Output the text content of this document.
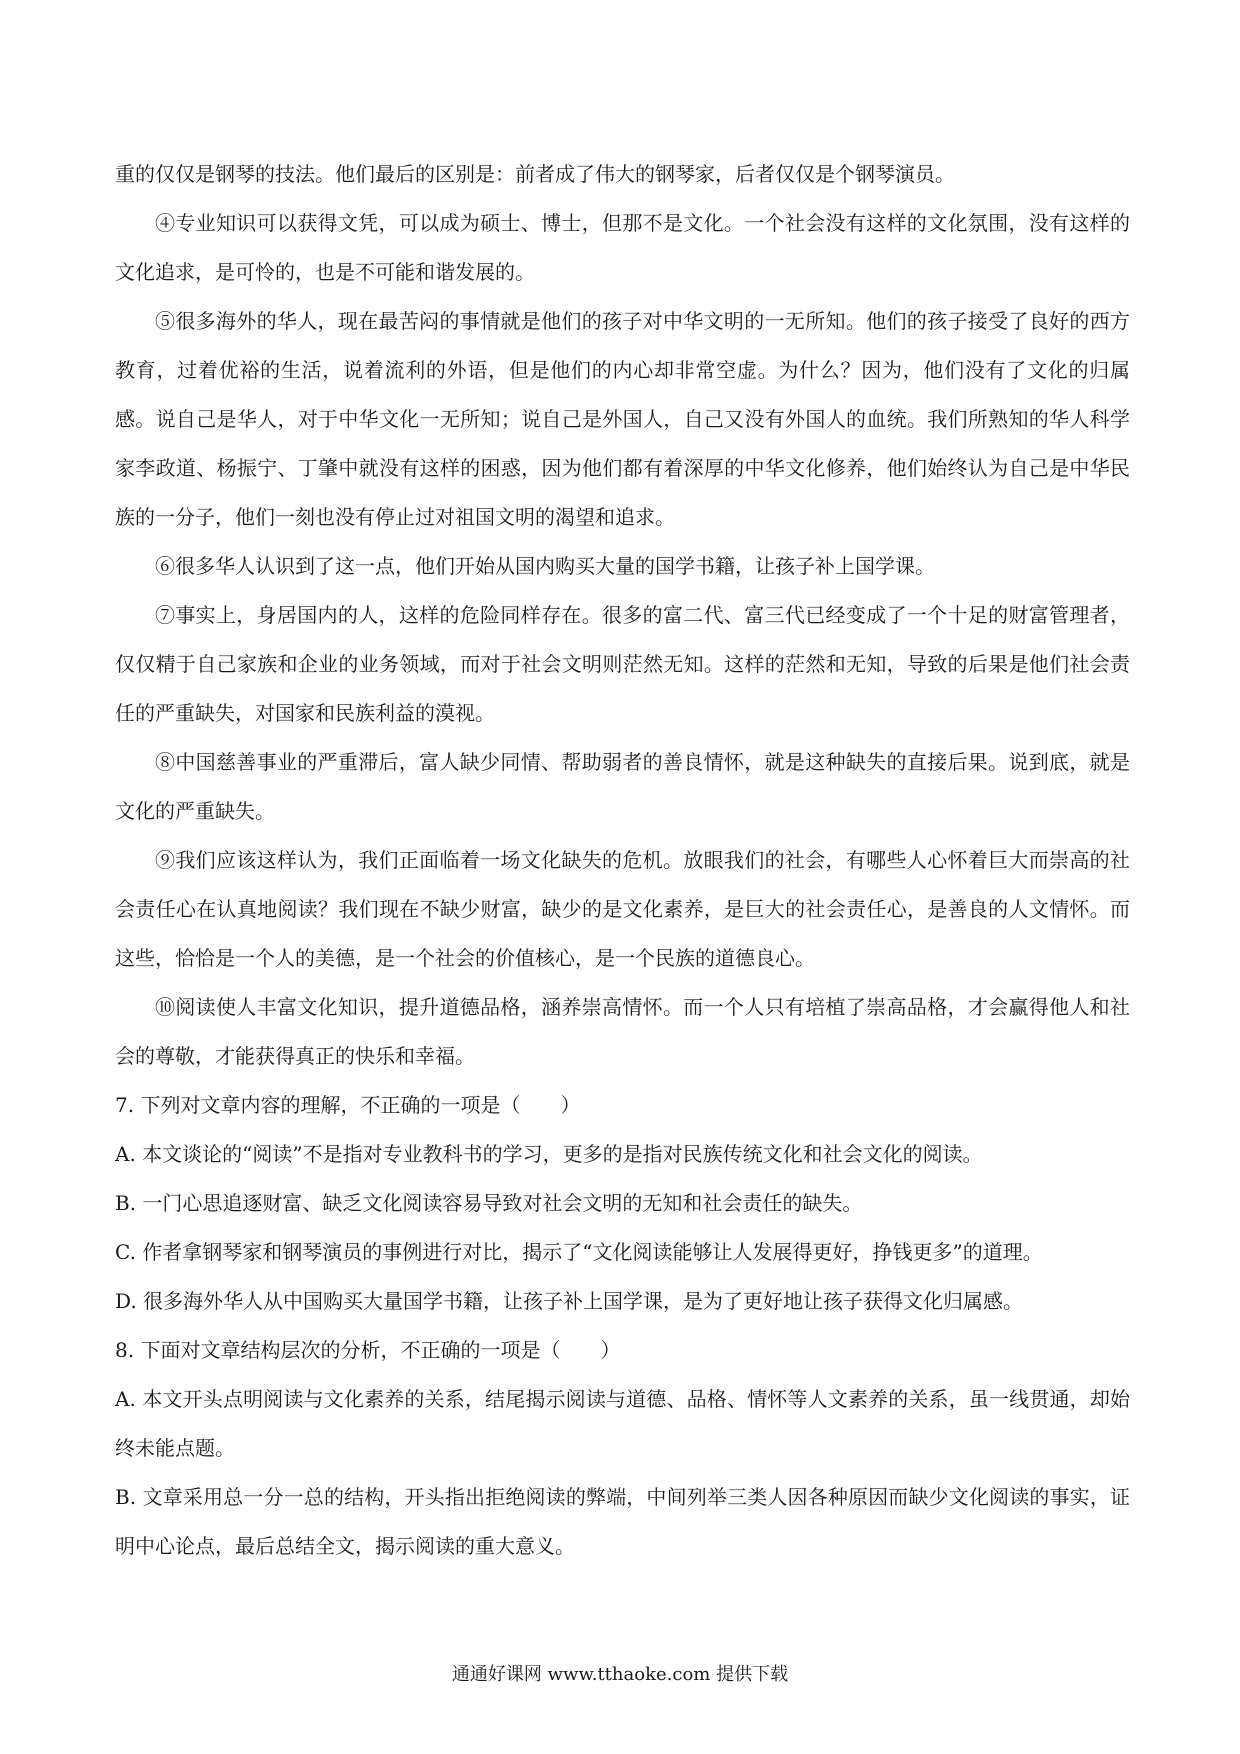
重的仅仅是钢琴的技法。他们最后的区别是：前者成了伟大的钢琴家，后者仅仅是个钢琴演员。

④专业知识可以获得文凭，可以成为硕士、博士，但那不是文化。一个社会没有这样的文化氛围，没有这样的文化追求，是可怜的，也是不可能和谐发展的。

⑤很多海外的华人，现在最苦闷的事情就是他们的孩子对中华文明的一无所知。他们的孩子接受了良好的西方教育，过着优裕的生活，说着流利的外语，但是他们的内心却非常空虚。为什么？因为，他们没有了文化的归属感。说自己是华人，对于中华文化一无所知；说自己是外国人，自己又没有外国人的血统。我们所熟知的华人科学家李政道、杨振宁、丁肇中就没有这样的困惑，因为他们都有着深厚的中华文化修养，他们始终认为自己是中华民族的一分子，他们一刻也没有停止过对祖国文明的渴望和追求。

⑥很多华人认识到了这一点，他们开始从国内购买大量的国学书籍，让孩子补上国学课。

⑦事实上，身居国内的人，这样的危险同样存在。很多的富二代、富三代已经变成了一个十足的财富管理者，仅仅精于自己家族和企业的业务领域，而对于社会文明则茫然无知。这样的茫然和无知，导致的后果是他们社会责任的严重缺失，对国家和民族利益的漠视。

⑧中国慈善事业的严重滞后，富人缺少同情、帮助弱者的善良情怀，就是这种缺失的直接后果。说到底，就是文化的严重缺失。

⑨我们应该这样认为，我们正面临着一场文化缺失的危机。放眼我们的社会，有哪些人心怀着巨大而崇高的社会责任心在认真地阅读？我们现在不缺少财富，缺少的是文化素养，是巨大的社会责任心，是善良的人文情怀。而这些，恰恰是一个人的美德，是一个社会的价值核心，是一个民族的道德良心。

⑩阅读使人丰富文化知识，提升道德品格，涵养崇高情怀。而一个人只有培植了崇高品格，才会赢得他人和社会的尊敬，才能获得真正的快乐和幸福。

7. 下列对文章内容的理解，不正确的一项是（　　）

A. 本文谈论的“阅读”不是指对专业教科书的学习，更多的是指对民族传统文化和社会文化的阅读。

B. 一门心思追逐财富、缺乏文化阅读容易导致对社会文明的无知和社会责任的缺失。

C. 作者拿钢琴家和钢琴演员的事例进行对比，揭示了“文化阅读能够让人发展得更好，挣钱更多”的道理。

D. 很多海外华人从中国购买大量国学书籍，让孩子补上国学课，是为了更好地让孩子获得文化归属感。

8. 下面对文章结构层次的分析，不正确的一项是（　　）

A. 本文开头点明阅读与文化素养的关系，结尾揭示阅读与道德、品格、情怀等人文素养的关系，虽一线贯通，却始终未能点题。

B. 文章采用总一分一总的结构，开头指出拒绝阅读的弊端，中间列举三类人因各种原因而缺少文化阅读的事实，证明中心论点，最后总结全文，揭示阅读的重大意义。

通通好课网 www.tthaoke.com 提供下载
